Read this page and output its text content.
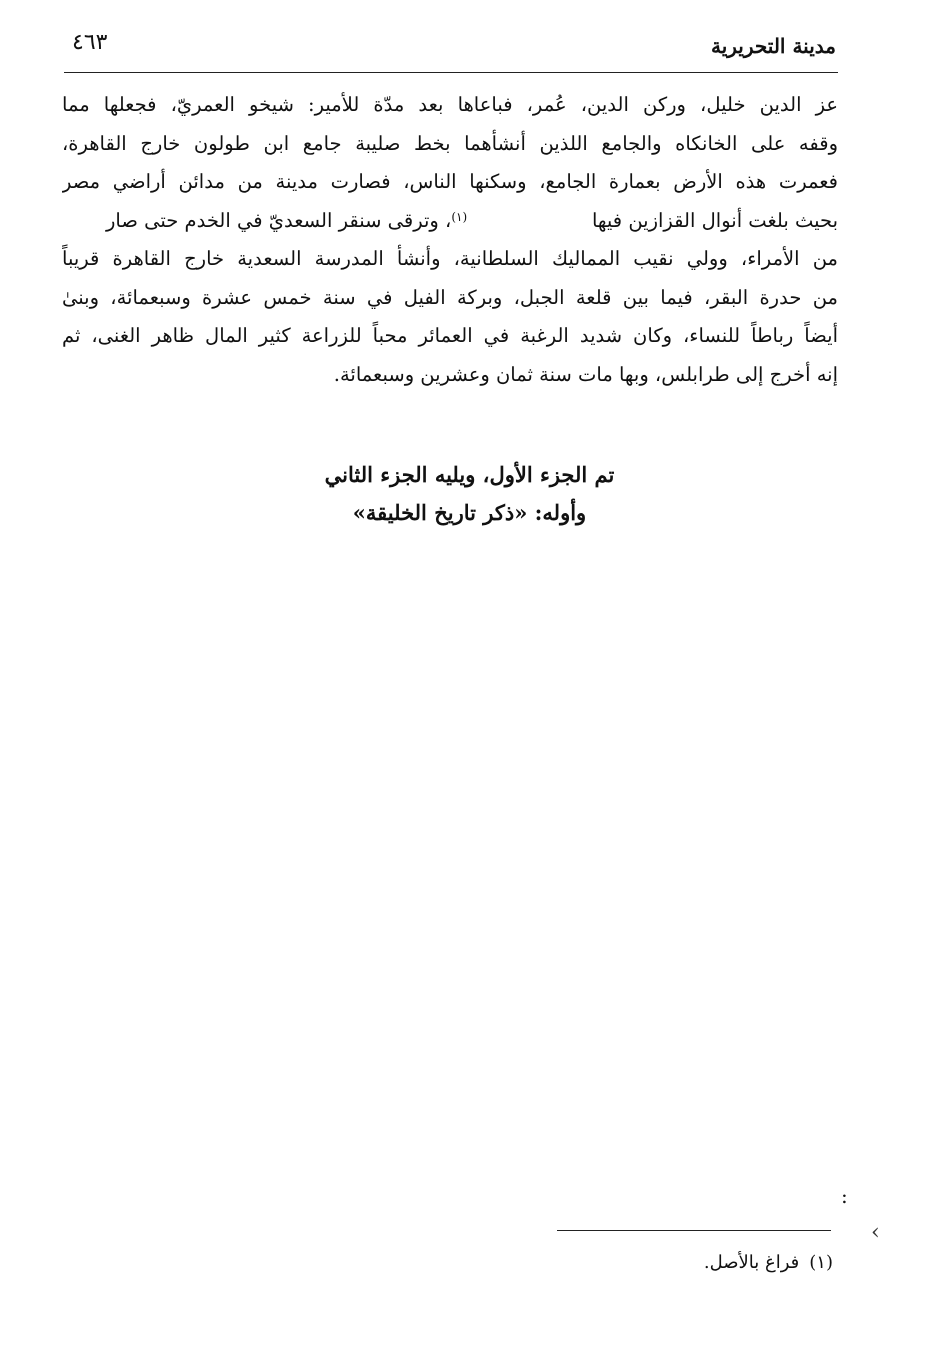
مدينة التحريرية
٤٦٣
عز الدين خليل، وركن الدين، عُمر، فباعاها بعد مدّة للأمير: شيخو العمريّ، فجعلها مما
وقفه على الخانكاه والجامع اللذين أنشأهما بخط صليبة جامع ابن طولون خارج القاهرة،
فعمرت هذه الأرض بعمارة الجامع، وسكنها الناس، فصارت مدينة من مدائن أراضي مصر
بحيث بلغت أنوال القزازين فيها
$^{(١)}$، وترقى سنقر السعديّ في الخدم حتى صار
من الأمراء، وولي نقيب المماليك السلطانية، وأنشأ المدرسة السعدية خارج القاهرة قريباً
من حدرة البقر، فيما بين قلعة الجبل، وبركة الفيل في سنة خمس عشرة وسبعمائة، وبنىٰ
أيضاً رباطاً للنساء، وكان شديد الرغبة في العمائر محباً للزراعة كثير المال ظاهر الغنى، ثم
إنه أخرج إلى طرابلس، وبها مات سنة ثمان وعشرين وسبعمائة.
تم الجزء الأول، ويليه الجزء الثاني
وأوله: «ذكر تاريخ الخليقة»
:
‹
(١)فراغ بالأصل.
